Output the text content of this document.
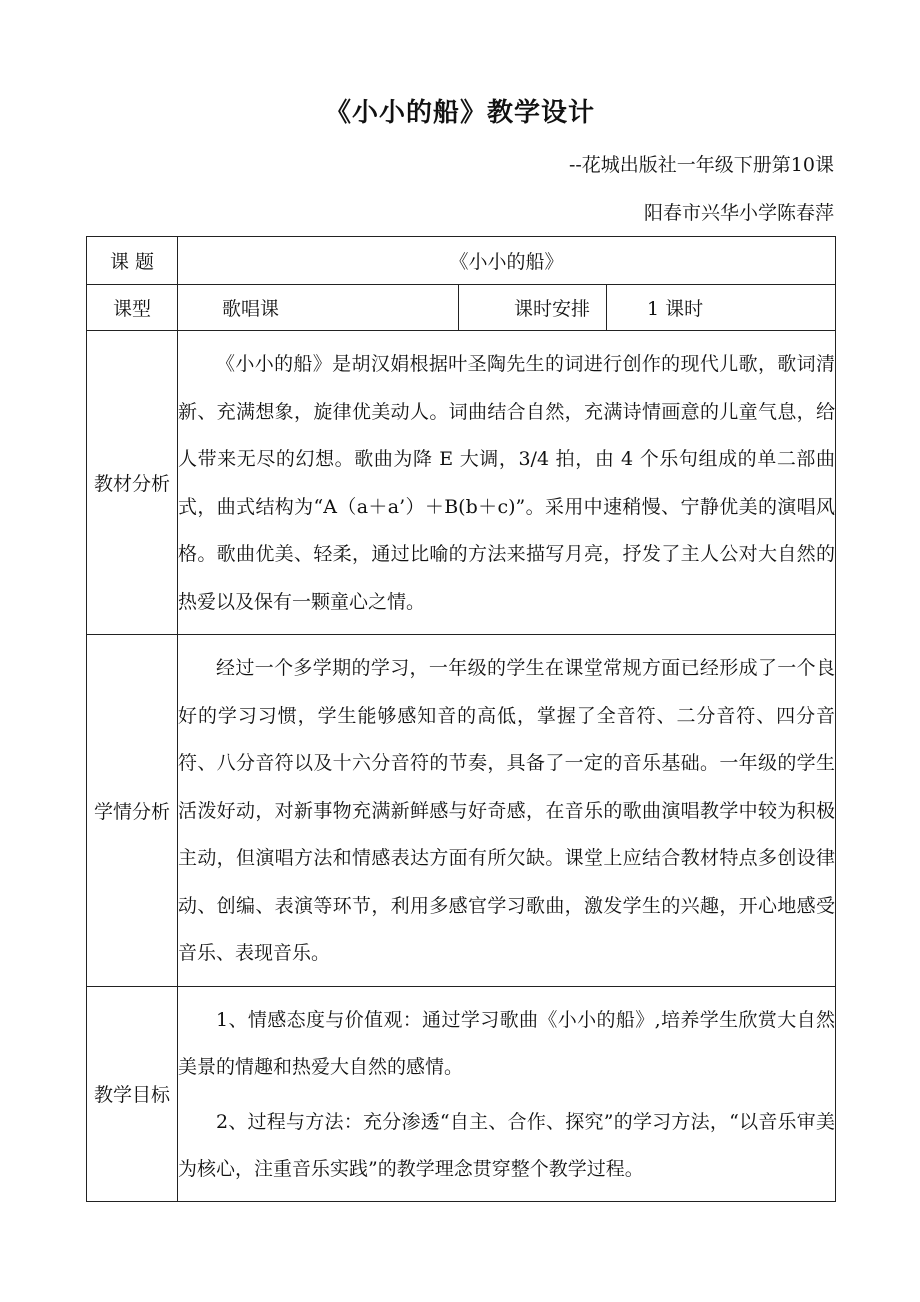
《小小的船》教学设计
--花城出版社一年级下册第10课
阳春市兴华小学陈春萍
课 题	《小小的船》		
课型	歌唱课	课时安排	1 课时
教材分析	《小小的船》是胡汉娟根据叶圣陶先生的词进行创作的现代儿歌，歌词清新、充满想象，旋律优美动人。词曲结合自然，充满诗情画意的儿童气息，给人带来无尽的幻想。歌曲为降 E 大调，3/4 拍，由 4 个乐句组成的单二部曲式，曲式结构为“A（a＋a’）＋B(b＋c)”。采用中速稍慢、宁静优美的演唱风格。歌曲优美、轻柔，通过比喻的方法来描写月亮，抒发了主人公对大自然的热爱以及保有一颗童心之情。		

学情分析	经过一个多学期的学习，一年级的学生在课堂常规方面已经形成了一个良好的学习习惯，学生能够感知音的高低，掌握了全音符、二分音符、四分音符、八分音符以及十六分音符的节奏，具备了一定的音乐基础。一年级的学生活泼好动，对新事物充满新鲜感与好奇感，在音乐的歌曲演唱教学中较为积极主动，但演唱方法和情感表达方面有所欠缺。课堂上应结合教材特点多创设律动、创编、表演等环节，利用多感官学习歌曲，激发学生的兴趣，开心地感受音乐、表现音乐。		

教学目标	1、情感态度与价值观：通过学习歌曲《小小的船》,培养学生欣赏大自然美景的情趣和热爱大自然的感情。

2、过程与方法：充分渗透“自主、合作、探究”的学习方法，“以音乐审美为核心，注重音乐实践”的教学理念贯穿整个教学过程。		
